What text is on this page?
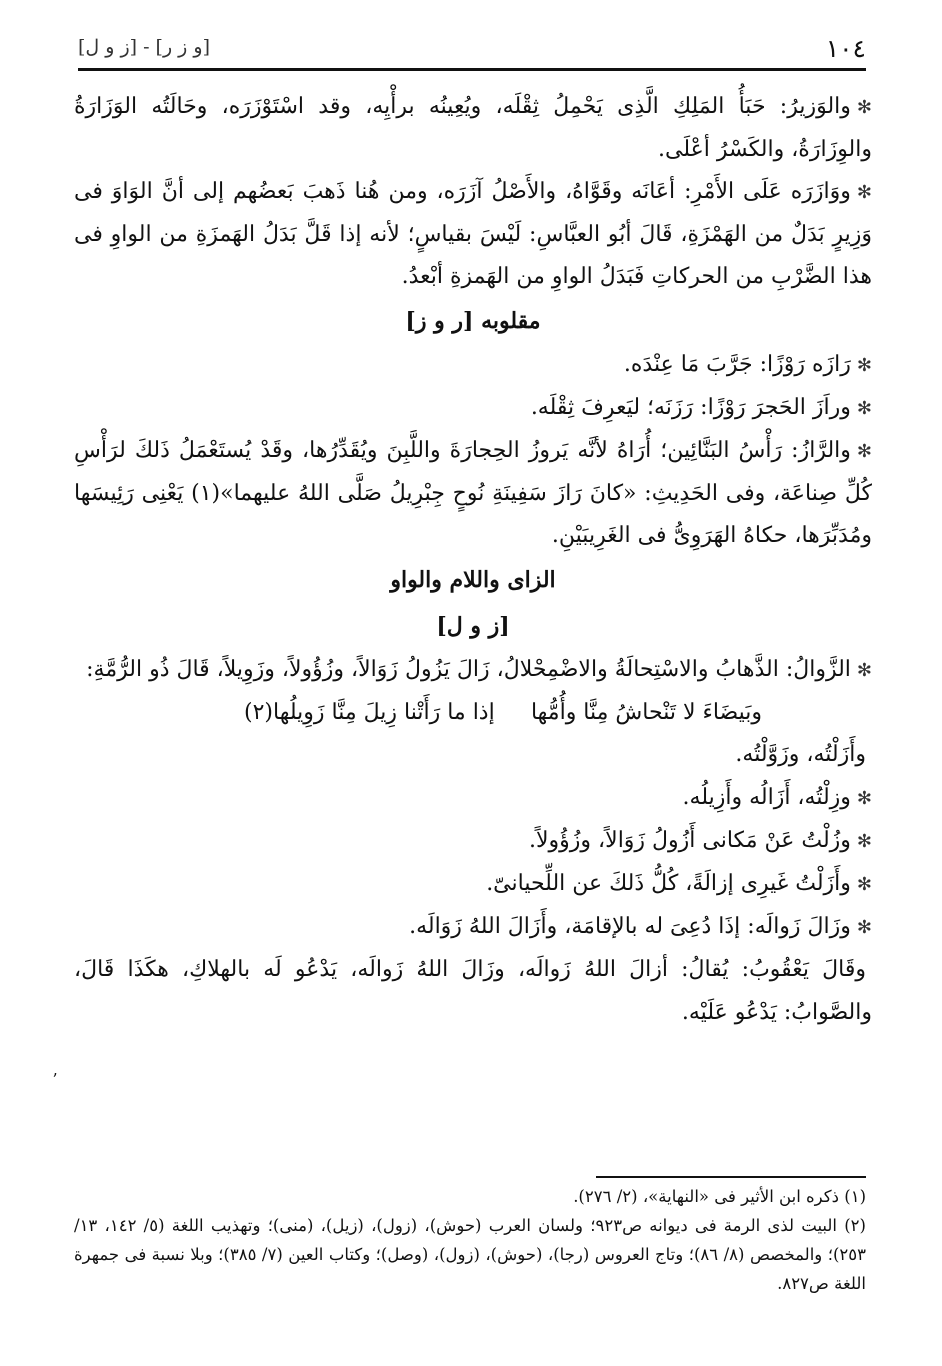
١٠٤
[و ز ر] - [ز و ل]

✻والوَزيرُ: حَبَأُ المَلِكِ الَّذِى يَحْمِلُ ثِقْلَه، ويُعِينُه برأْيِه، وقد اسْتَوْزَرَه، وحَالَتُه الوَزَارَةُ والوِزَارَةُ، والكَسْرُ أعْلَى.

✻ووَازَرَه عَلَى الأَمْرِ: أعَانَه وقَوَّاهُ، والأَصْلُ آزَرَه، ومن هُنا ذَهبَ بَعضُهم إلى أنَّ الوَاوَ فى وَزِيرٍ بَدَلٌ من الهَمْزَةِ، قَالَ أبُو العبَّاسِ: لَيْسَ بقياسٍ؛ لأنه إذا قَلَّ بَدَلُ الهَمزَةِ من الواوِ فى هذا الضَّرْبِ من الحركاتِ فَبَدَلُ الواوِ من الهَمزةِ أبْعدُ.

مقلوبه [ر و ز]

✻رَازَه رَوْزًا: جَرَّبَ مَا عِنْدَه.

✻وراَزَ الحَجرَ رَوْزًا: رَزَنَه؛ ليَعرِفَ ثِقْلَه.

✻والرَّازُ: رَأْسُ البَنَّائِين؛ أُرَاهُ لأنَّه يَروزُ الحِجارَةَ واللَّبِنَ ويُقَدِّرُها، وقَدْ يُستَعْمَلُ ذَلكَ لرَأْسِ كُلِّ صِناعَة، وفى الحَدِيثِ: «كانَ رَازَ سَفِينَةِ نُوحٍ جِبْرِيلُ صَلَّى اللهُ عليهما»(١) يَعْنِى رَئِيسَها ومُدَبِّرَها، حكاهُ الهَرَوِىُّ فى الغَرِيبَيْنِ.

الزاى واللام والواو

[ز و ل]

✻الزَّوالُ: الذَّهابُ والاسْتِحالَةُ والاضْمِحْلالُ، زَالَ يَزُولُ زَوَالاً، وزُؤُولاً، وزَوِيلاً، قَالَ ذُو الرُّمَّةِ:

وبَيضَاءَ لا تَنْحاشُ مِنَّا وأُمُّها
إذا ما رَأَتْنا زِيلَ مِنَّا زَوِيلُها(٢)

وأَزَلْتُه، وزَوَّلْتُه.

✻وزِلْتُه، أَزَالُه وأَزِيلُه.

✻وزُلْتُ عَنْ مَكانى أَزُولُ زَوَالاً، وزُؤُولاً.

✻وأَزَلْتُ غَيرِى إزالَةً، كُلُّ ذَلكَ عن اللِّحيانىّ.

✻وزَالَ زَوالَه: إذَا دُعِىَ له بالإقامَة، وأَزَالَ اللهُ زَوَالَه.

وقَالَ يَعْقُوبُ: يُقالُ: أزالَ اللهُ زَوالَه، وزَالَ اللهُ زَوالَه، يَدْعُو لَه بالهلاكِ، هكَذَا قَالَ، والصَّوابُ: يَدْعُو عَلَيْه.

ʼ

(١) ذكره ابن الأثير فى «النهاية»، (٢/ ٢٧٦).

(٢) البيت لذى الرمة فى ديوانه ص٩٢٣؛ ولسان العرب (حوش)، (زول)، (زيل)، (منى)؛ وتهذيب اللغة (٥/ ١٤٢، ١٣/ ٢٥٣)؛ والمخصص (٨/ ٨٦)؛ وتاج العروس (رجا)، (حوش)، (زول)، (وصل)؛ وكتاب العين (٧/ ٣٨٥)؛ وبلا نسبة فى جمهرة اللغة ص٨٢٧.
